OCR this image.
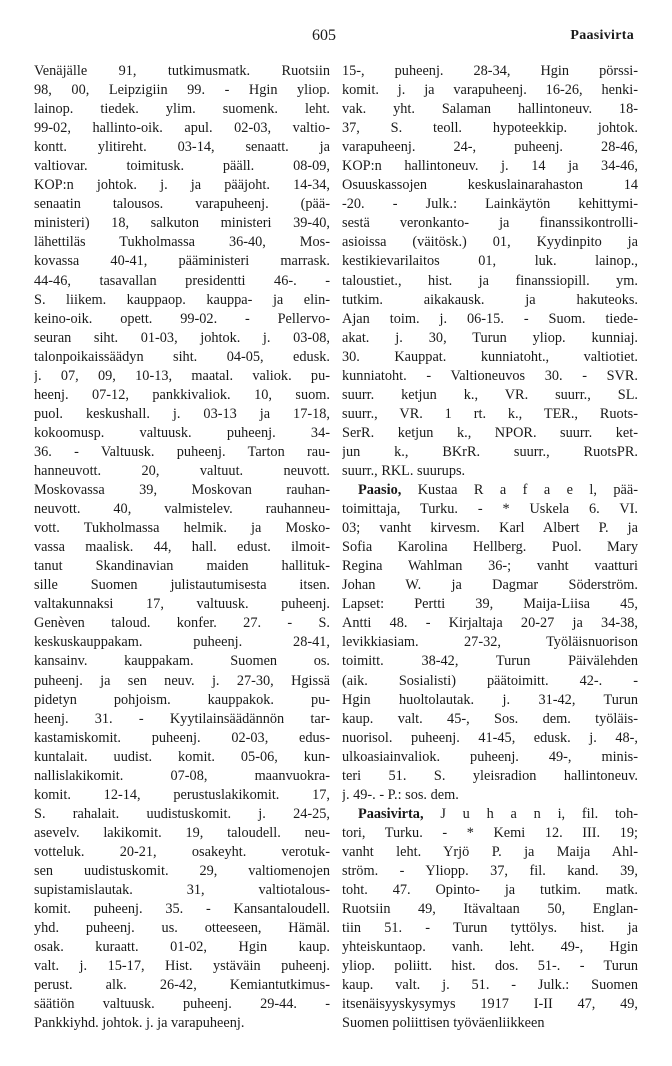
605	Paasivirta
Venäjälle 91, tutkimusmatk. Ruotsiin
98, 00, Leipzigiin 99. - Hgin yliop.
lainop. tiedek. ylim. suomenk. leht.
99-02, hallinto-oik. apul. 02-03, valtio-
kontt. ylitireht. 03-14, senaatt. ja
valtiovar. toimitusk. pääll. 08-09,
KOP:n johtok. j. ja pääjoht. 14-34,
senaatin talousos. varapuheenj. (pää-
ministeri) 18, salkuton ministeri 39-40,
lähettiläs Tukholmassa 36-40, Mos-
kovassa 40-41, pääministeri marrask.
44-46, tasavallan presidentti 46-. -
S. liikem. kauppaop. kauppa- ja elin-
keino-oik. opett. 99-02. - Pellervo-
seuran siht. 01-03, johtok. j. 03-08,
talonpoikaissäädyn siht. 04-05, edusk.
j. 07, 09, 10-13, maatal. valiok. pu-
heenj. 07-12, pankkivaliok. 10, suom.
puol. keskushall. j. 03-13 ja 17-18,
kokoomusp. valtuusk. puheenj. 34-
36. - Valtuusk. puheenj. Tarton rau-
hanneuvott. 20, valtuut. neuvott.
Moskovassa 39, Moskovan rauhan-
neuvott. 40, valmistelev. rauhanneu-
vott. Tukholmassa helmik. ja Mosko-
vassa maalisk. 44, hall. edust. ilmoit-
tanut Skandinavian maiden hallituk-
sille Suomen julistautumisesta itsen.
valtakunnaksi 17, valtuusk. puheenj.
Genèven taloud. konfer. 27. - S.
keskuskauppakam. puheenj. 28-41,
kansainv. kauppakam. Suomen os.
puheenj. ja sen neuv. j. 27-30, Hgissä
pidetyn pohjoism. kauppakok. pu-
heenj. 31. - Kyytilainsäädännön tar-
kastamiskomit. puheenj. 02-03, edus-
kuntalait. uudist. komit. 05-06, kun-
nallislakikomit. 07-08, maanvuokra-
komit. 12-14, perustuslakikomit. 17,
S. rahalait. uudistuskomit. j. 24-25,
asevelv. lakikomit. 19, taloudell. neu-
votteluk. 20-21, osakeyht. verotuk-
sen uudistuskomit. 29, valtiomenojen
supistamislautak. 31, valtiotalous-
komit. puheenj. 35. - Kansantaloudell.
yhd. puheenj. us. otteeseen, Hämäl.
osak. kuraatt. 01-02, Hgin kaup.
valt. j. 15-17, Hist. ystäväin puheenj.
perust. alk. 26-42, Kemiantutkimus-
säätiön valtuusk. puheenj. 29-44. -
Pankkiyhd. johtok. j. ja varapuheenj.
15-, puheenj. 28-34, Hgin pörssi-
komit. j. ja varapuheenj. 16-26, henki-
vak. yht. Salaman hallintoneuv. 18-
37, S. teoll. hypoteekkip. johtok.
varapuheenj. 24-, puheenj. 28-46,
KOP:n hallintoneuv. j. 14 ja 34-46,
Osuuskassojen keskuslainarahaston 14
-20. - Julk.: Lainkäytön kehittymi-
sestä veronkanto- ja finanssikontrolli-
asioissa (väitösk.) 01, Kyydinpito ja
kestikievarilaitos 01, luk. lainop.,
taloustiet., hist. ja finanssiopill. ym.
tutkim. aikakausk. ja hakuteoks.
Ajan toim. j. 06-15. - Suom. tiede-
akat. j. 30, Turun yliop. kunniaj.
30. Kauppat. kunniatoht., valtiotiet.
kunniatoht. - Valtioneuvos 30. - SVR.
suurr. ketjun k., VR. suurr., SL.
suurr., VR. 1 rt. k., TER., Ruots-
SerR. ketjun k., NPOR. suurr. ket-
jun k., BKrR. suurr., RuotsPR.
suurr., RKL. suurups.
Paasio, Kustaa R a f a e l, pää-
toimittaja, Turku. - * Uskela 6. VI.
03; vanht kirvesm. Karl Albert P. ja
Sofia Karolina Hellberg. Puol. Mary
Regina Wahlman 36-; vanht vaatturi
Johan W. ja Dagmar Söderström.
Lapset: Pertti 39, Maija-Liisa 45,
Antti 48. - Kirjaltaja 20-27 ja 34-38,
levikkiasiam. 27-32, Työläisnuorison
toimitt. 38-42, Turun Päivälehden
(aik. Sosialisti) päätoimitt. 42-. -
Hgin huoltolautak. j. 31-42, Turun
kaup. valt. 45-, Sos. dem. työläis-
nuorisol. puheenj. 41-45, edusk. j. 48-,
ulkoasiainvaliok. puheenj. 49-, minis-
teri 51. S. yleisradion hallintoneuv.
j. 49-. - P.: sos. dem.
Paasivirta, J u h a n i, fil. toh-
tori, Turku. - * Kemi 12. III. 19;
vanht leht. Yrjö P. ja Maija Ahl-
ström. - Yliopp. 37, fil. kand. 39,
toht. 47. Opinto- ja tutkim. matk.
Ruotsiin 49, Itävaltaan 50, Englan-
tiin 51. - Turun tyttölys. hist. ja
yhteiskuntaop. vanh. leht. 49-, Hgin
yliop. poliitt. hist. dos. 51-. - Turun
kaup. valt. j. 51. - Julk.: Suomen
itsenäisyyskysymys 1917 I-II 47, 49,
Suomen poliittisen työväenliikkeen
